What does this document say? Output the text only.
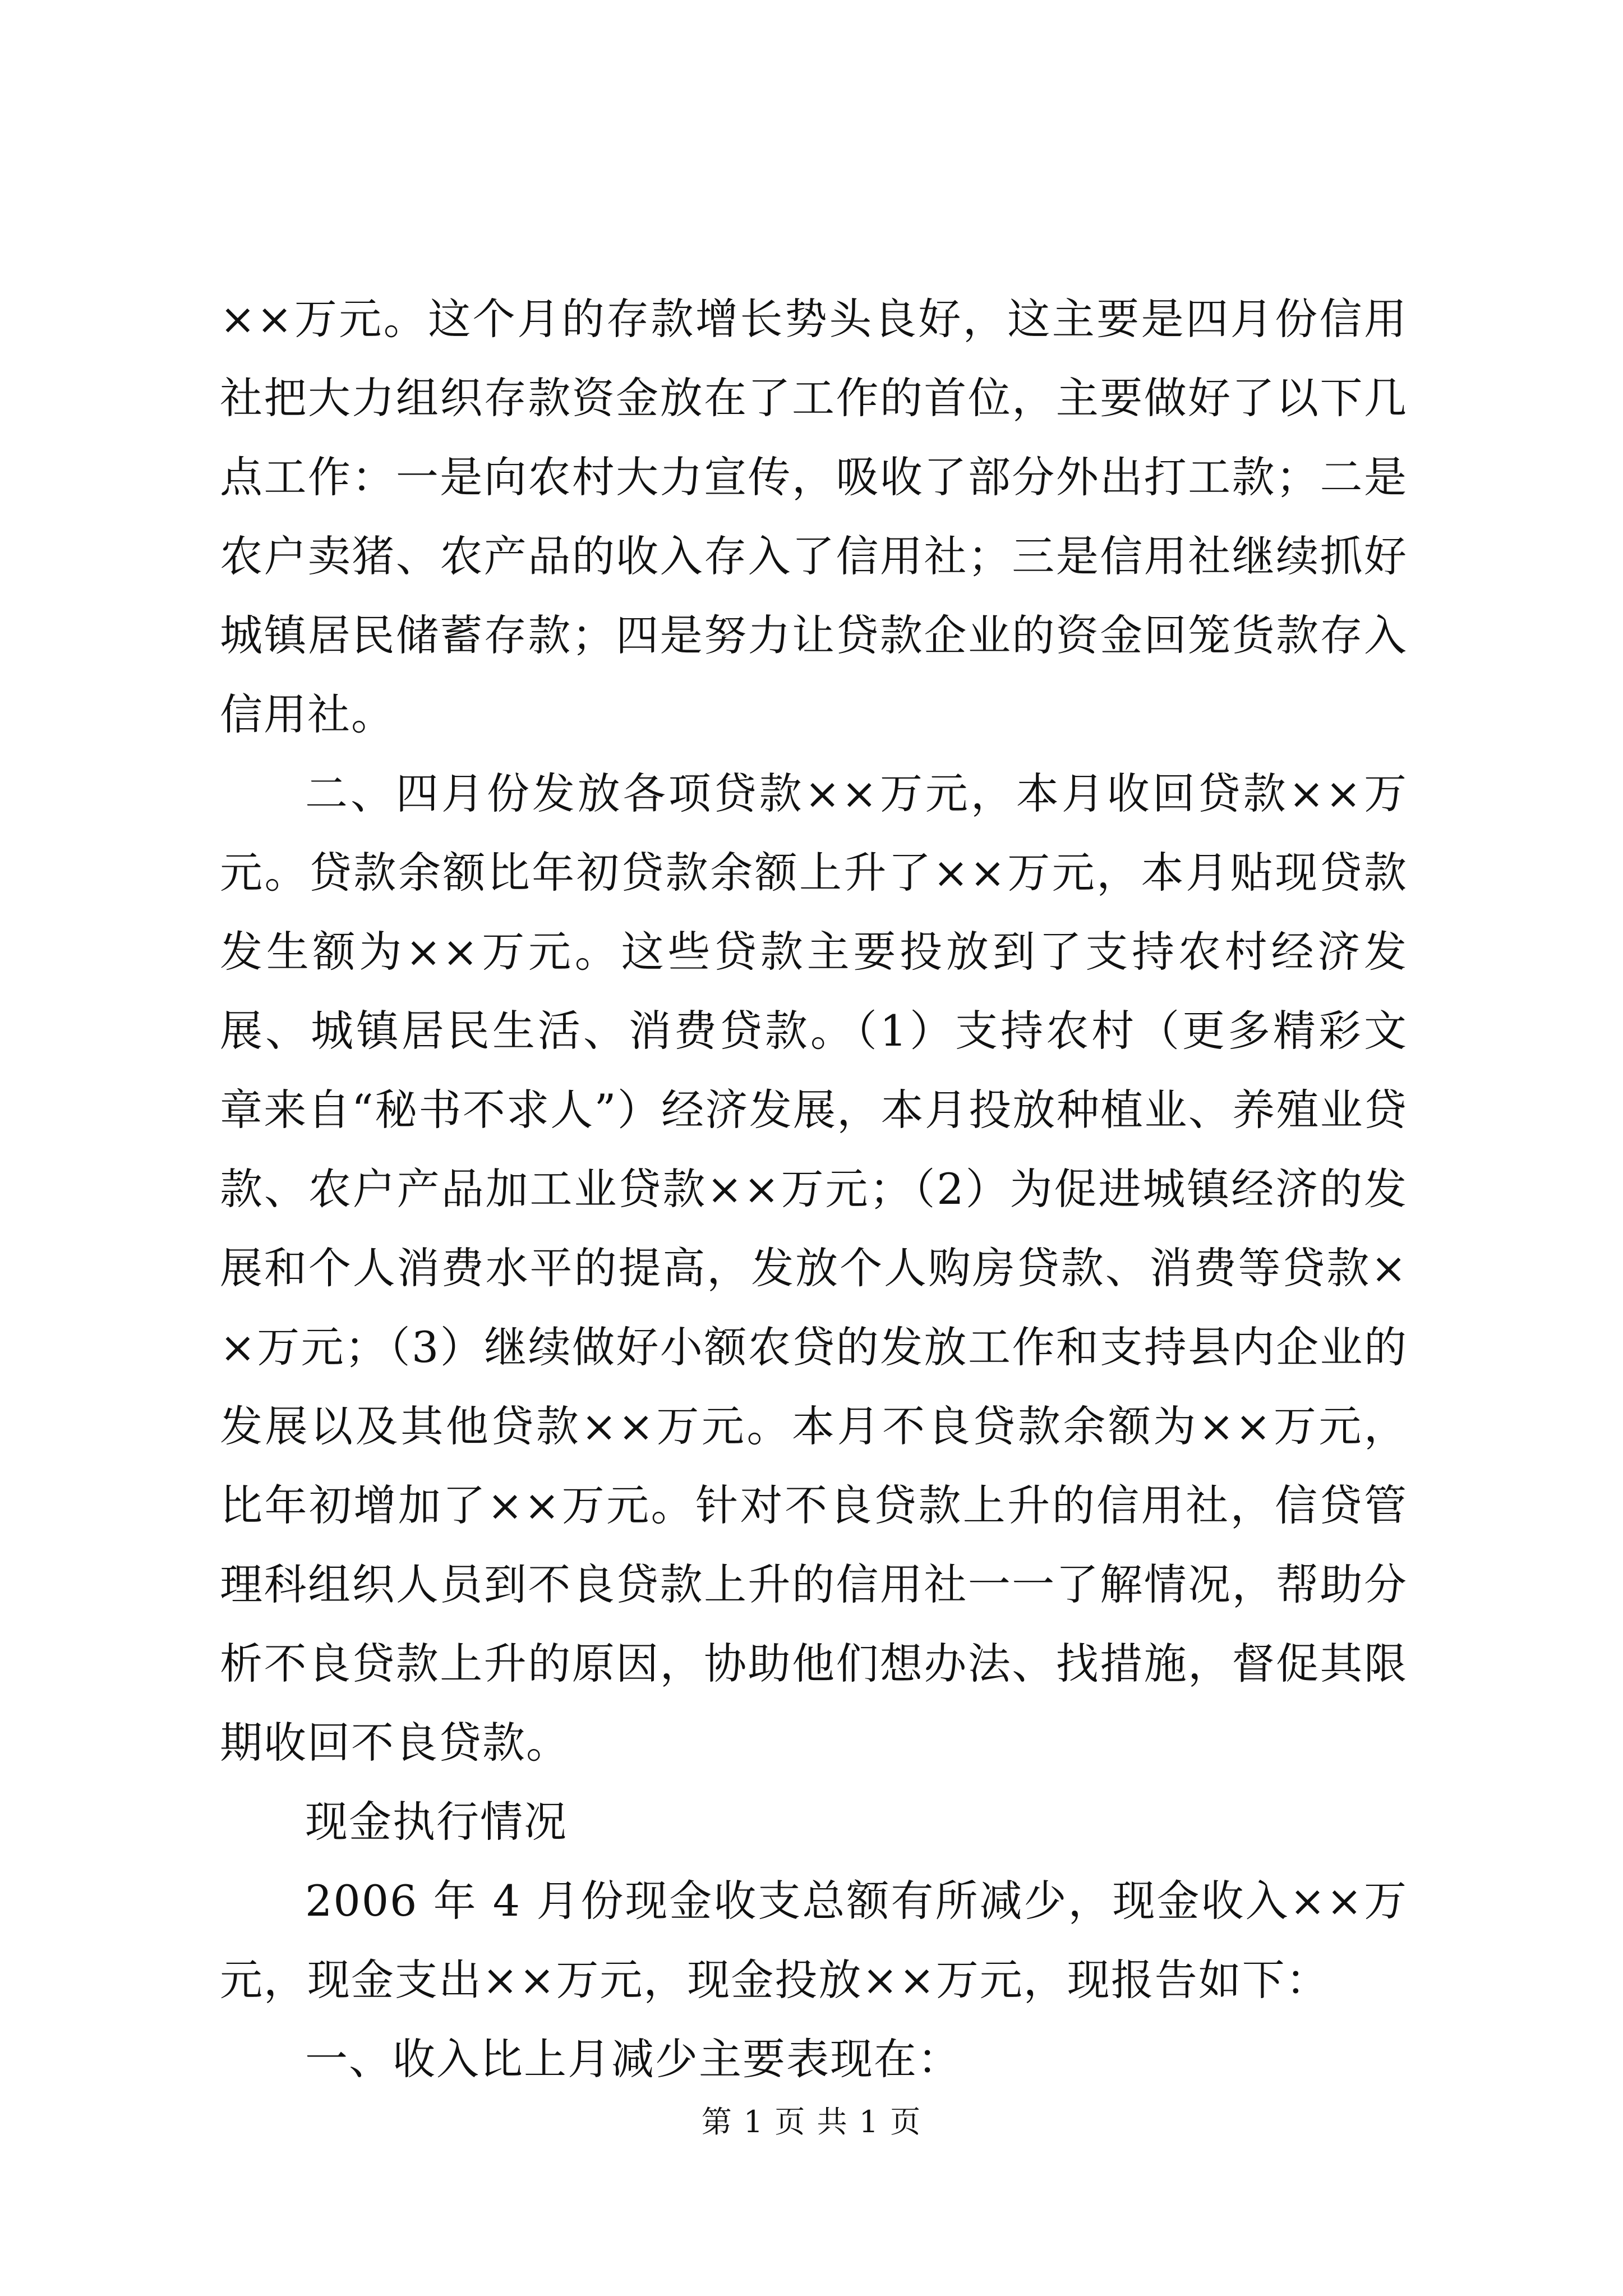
××万元。这个月的存款增长势头良好，这主要是四月份信用社把大力组织存款资金放在了工作的首位，主要做好了以下几点工作：一是向农村大力宣传，吸收了部分外出打工款；二是农户卖猪、农产品的收入存入了信用社；三是信用社继续抓好城镇居民储蓄存款；四是努力让贷款企业的资金回笼货款存入信用社。

二、四月份发放各项贷款××万元，本月收回贷款××万元。贷款余额比年初贷款余额上升了××万元，本月贴现贷款发生额为××万元。这些贷款主要投放到了支持农村经济发展、城镇居民生活、消费贷款。（1）支持农村（更多精彩文章来自“秘书不求人”）经济发展，本月投放种植业、养殖业贷款、农户产品加工业贷款××万元；（2）为促进城镇经济的发展和个人消费水平的提高，发放个人购房贷款、消费等贷款××万元；（3）继续做好小额农贷的发放工作和支持县内企业的发展以及其他贷款××万元。本月不良贷款余额为××万元，比年初增加了××万元。针对不良贷款上升的信用社，信贷管理科组织人员到不良贷款上升的信用社一一了解情况，帮助分析不良贷款上升的原因，协助他们想办法、找措施，督促其限期收回不良贷款。

现金执行情况

2006 年 4 月份现金收支总额有所减少，现金收入××万元，现金支出××万元，现金投放××万元，现报告如下：

一、收入比上月减少主要表现在：

第 1 页 共 1 页
